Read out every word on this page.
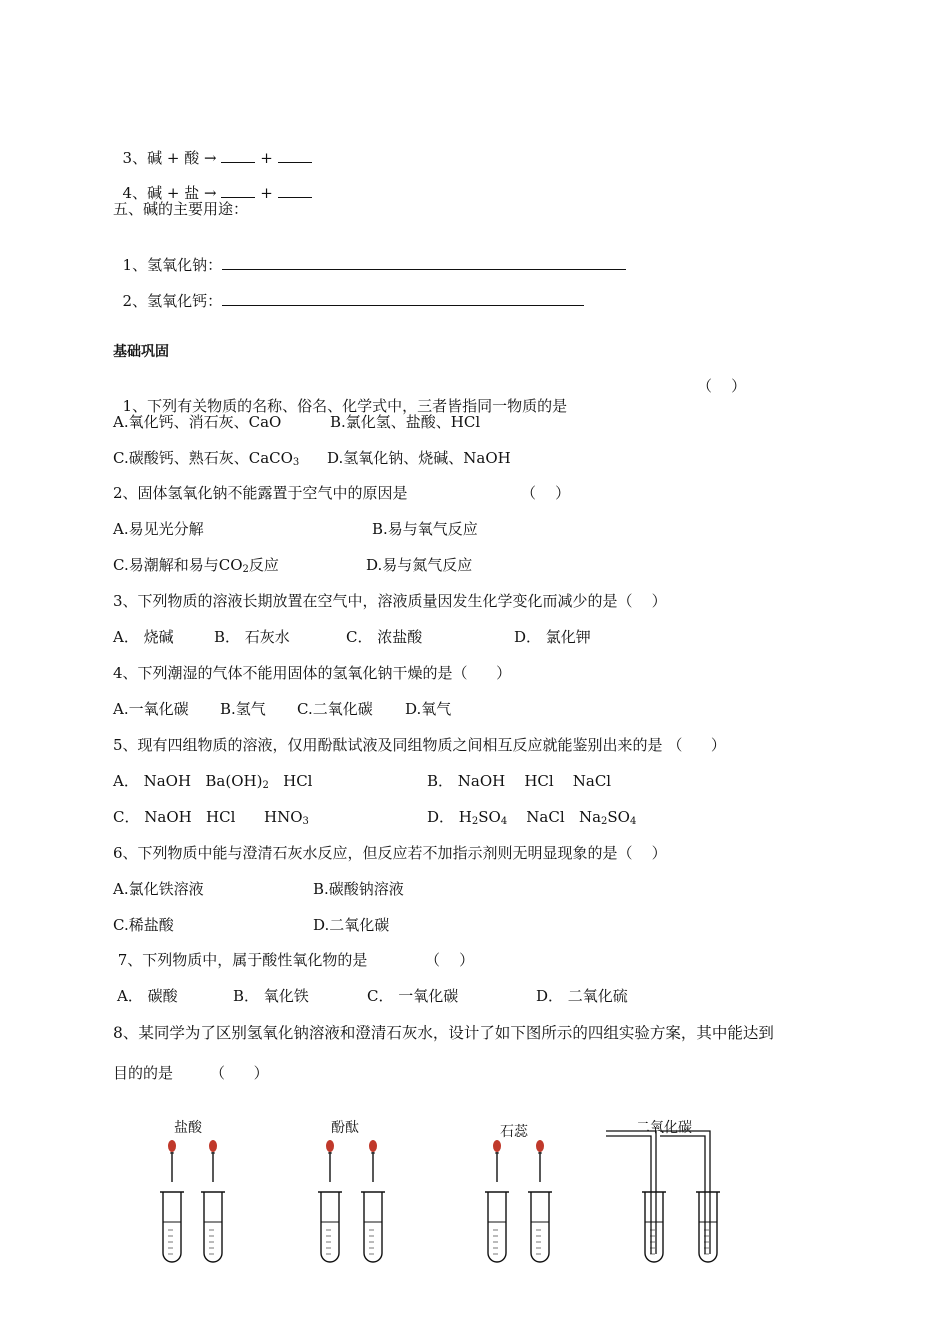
3、碱 + 酸 →	+

4、碱 + 盐 →	+

五、碱的主要用途：

1、氢氧化钠：

2、氢氧化钙：

基础巩固

1、下列有关物质的名称、俗名、化学式中，三者皆指同一物质的是

（    ）
A.氧化钙、消石灰、CaO	B.氯化氢、盐酸、HCl
C.碳酸钙、熟石灰、CaCO$_3$ D.氢氧化钠、烧碱、NaOH
2、固体氢氧化钠不能露置于空气中的原因是	（    ）
A.易见光分解	B.易与氧气反应
C.易潮解和易与$CO_2$反应	D.易与氮气反应
3、下列物质的溶液长期放置在空气中，溶液质量因发生化学变化而减少的是（    ）
A． 烧碱	B． 石灰水	C． 浓盐酸	D． 氯化钾
4、下列潮湿的气体不能用固体的氢氧化钠干燥的是（      ）
A.一氧化碳 B.氢气 C.二氧化碳 D.氧气
5、现有四组物质的溶液，仅用酚酞试液及同组物质之间相互反应就能鉴别出来的是 （      ）
A． NaOH $Ba(OH)_2$ HCl	B． NaOH HCl NaCl
C． NaOH HCl $HNO_3$	D． $H_2SO_4$ NaCl $Na_2SO_4$
6、下列物质中能与澄清石灰水反应，但反应若不加指示剂则无明显现象的是（    ）
A.氯化铁溶液	B.碳酸钠溶液
C.稀盐酸	D.二氧化碳
7、下列物质中，属于酸性氧化物的是	（    ）
A． 碳酸	B． 氧化铁	C． 一氧化碳	D． 二氧化硫
8、某同学为了区别氢氧化钠溶液和澄清石灰水，设计了如下图所示的四组实验方案，其中能达到
目的的是 （      ）
盐酸	酚酞	石蕊	二氧化碳
